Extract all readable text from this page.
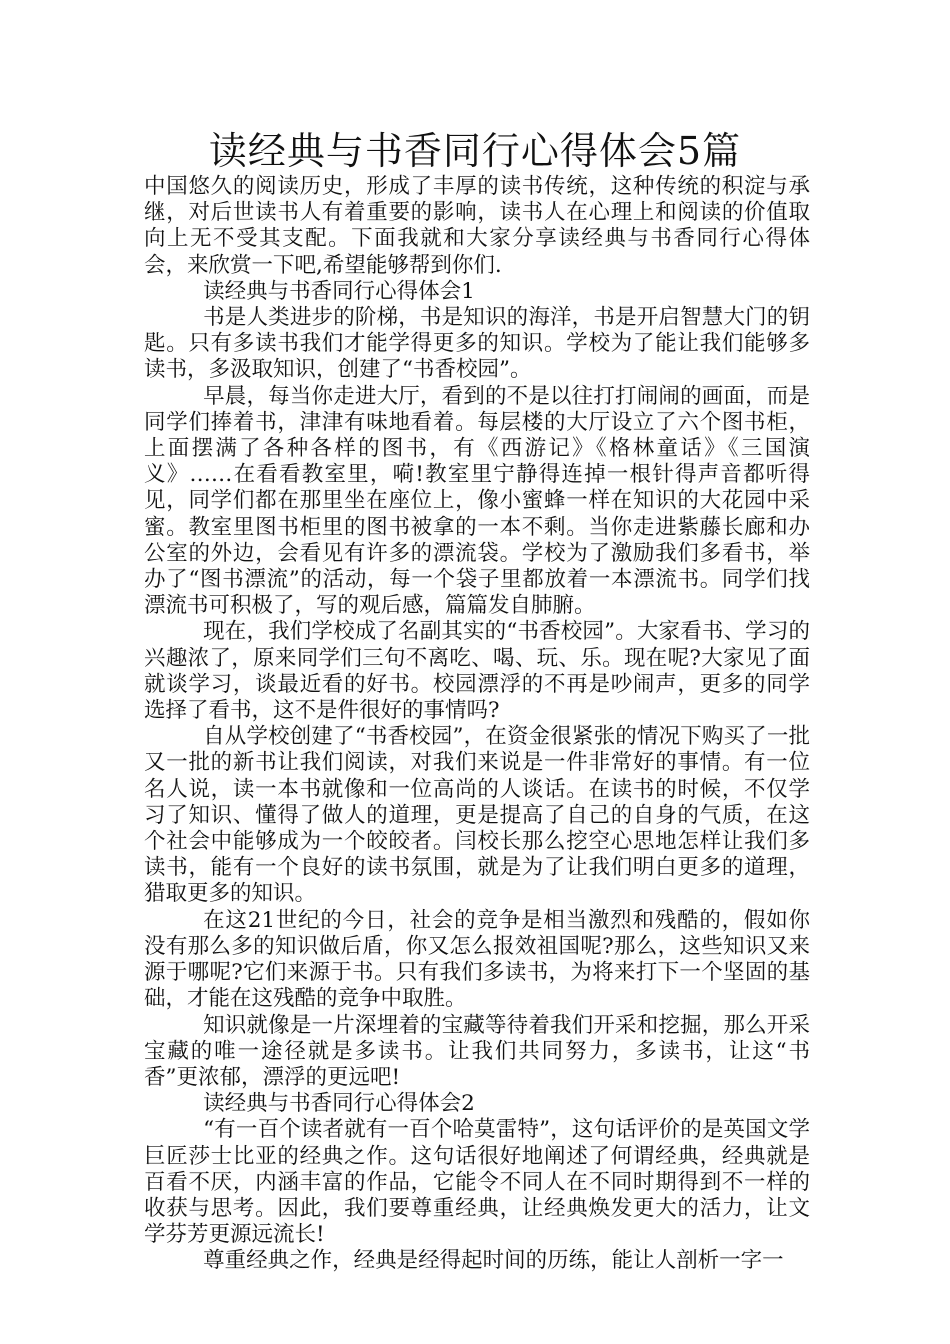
读经典与书香同行心得体会5篇

中国悠久的阅读历史，形成了丰厚的读书传统，这种传统的积淀与承继，对后世读书人有着重要的影响，读书人在心理上和阅读的价值取向上无不受其支配。下面我就和大家分享读经典与书香同行心得体会，来欣赏一下吧,希望能够帮到你们.

读经典与书香同行心得体会1

书是人类进步的阶梯，书是知识的海洋，书是开启智慧大门的钥匙。只有多读书我们才能学得更多的知识。学校为了能让我们能够多读书，多汲取知识，创建了“书香校园”。

早晨，每当你走进大厅，看到的不是以往打打闹闹的画面，而是同学们捧着书，津津有味地看着。每层楼的大厅设立了六个图书柜，上面摆满了各种各样的图书，有《西游记》《格林童话》《三国演义》……在看看教室里，嗬!教室里宁静得连掉一根针得声音都听得见，同学们都在那里坐在座位上，像小蜜蜂一样在知识的大花园中采蜜。教室里图书柜里的图书被拿的一本不剩。当你走进紫藤长廊和办公室的外边，会看见有许多的漂流袋。学校为了激励我们多看书，举办了“图书漂流”的活动，每一个袋子里都放着一本漂流书。同学们找漂流书可积极了，写的观后感，篇篇发自肺腑。

现在，我们学校成了名副其实的“书香校园”。大家看书、学习的兴趣浓了，原来同学们三句不离吃、喝、玩、乐。现在呢?大家见了面就谈学习，谈最近看的好书。校园漂浮的不再是吵闹声，更多的同学选择了看书，这不是件很好的事情吗?

自从学校创建了“书香校园”，在资金很紧张的情况下购买了一批又一批的新书让我们阅读，对我们来说是一件非常好的事情。有一位名人说，读一本书就像和一位高尚的人谈话。在读书的时候，不仅学习了知识、懂得了做人的道理，更是提高了自己的自身的气质，在这个社会中能够成为一个皎皎者。闫校长那么挖空心思地怎样让我们多读书，能有一个良好的读书氛围，就是为了让我们明白更多的道理，猎取更多的知识。

在这21世纪的今日，社会的竞争是相当激烈和残酷的，假如你没有那么多的知识做后盾，你又怎么报效祖国呢?那么，这些知识又来源于哪呢?它们来源于书。只有我们多读书，为将来打下一个坚固的基础，才能在这残酷的竞争中取胜。

知识就像是一片深埋着的宝藏等待着我们开采和挖掘，那么开采宝藏的唯一途径就是多读书。让我们共同努力，多读书，让这“书香”更浓郁，漂浮的更远吧!

读经典与书香同行心得体会2

“有一百个读者就有一百个哈莫雷特”，这句话评价的是英国文学巨匠莎士比亚的经典之作。这句话很好地阐述了何谓经典，经典就是百看不厌，内涵丰富的作品，它能令不同人在不同时期得到不一样的收获与思考。因此，我们要尊重经典，让经典焕发更大的活力，让文学芬芳更源远流长!

尊重经典之作，经典是经得起时间的历练，能让人剖析一字一
